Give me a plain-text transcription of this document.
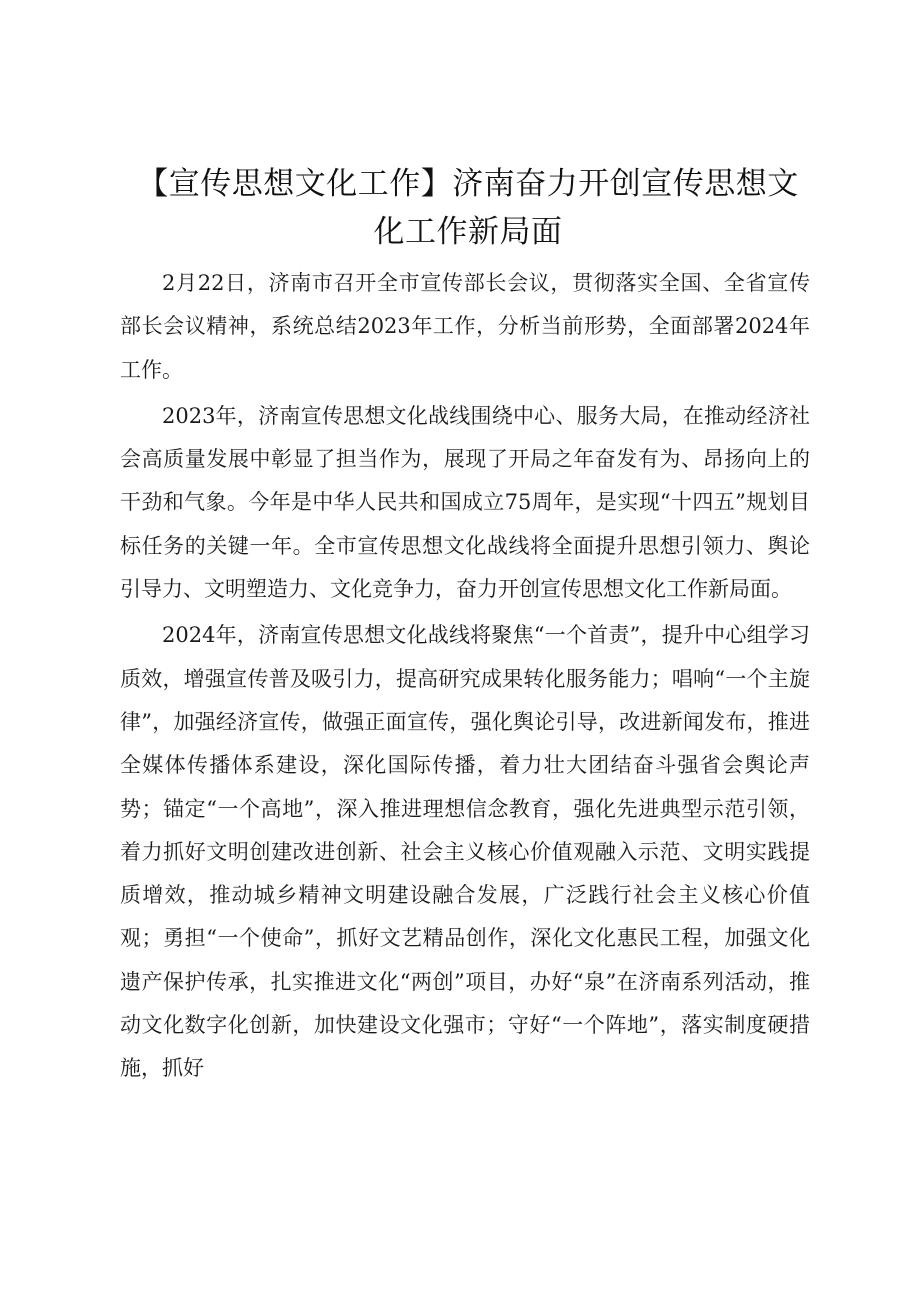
【宣传思想文化工作】济南奋力开创宣传思想文化工作新局面

2月22日，济南市召开全市宣传部长会议，贯彻落实全国、全省宣传部长会议精神，系统总结2023年工作，分析当前形势，全面部署2024年工作。

2023年，济南宣传思想文化战线围绕中心、服务大局，在推动经济社会高质量发展中彰显了担当作为，展现了开局之年奋发有为、昂扬向上的干劲和气象。今年是中华人民共和国成立75周年，是实现“十四五”规划目标任务的关键一年。全市宣传思想文化战线将全面提升思想引领力、舆论引导力、文明塑造力、文化竞争力，奋力开创宣传思想文化工作新局面。

2024年，济南宣传思想文化战线将聚焦“一个首责”，提升中心组学习质效，增强宣传普及吸引力，提高研究成果转化服务能力；唱响“一个主旋律”，加强经济宣传，做强正面宣传，强化舆论引导，改进新闻发布，推进全媒体传播体系建设，深化国际传播，着力壮大团结奋斗强省会舆论声势；锚定“一个高地”，深入推进理想信念教育，强化先进典型示范引领，着力抓好文明创建改进创新、社会主义核心价值观融入示范、文明实践提质增效，推动城乡精神文明建设融合发展，广泛践行社会主义核心价值观；勇担“一个使命”，抓好文艺精品创作，深化文化惠民工程，加强文化遗产保护传承，扎实推进文化“两创”项目，办好“泉”在济南系列活动，推动文化数字化创新，加快建设文化强市；守好“一个阵地”，落实制度硬措施，抓好
